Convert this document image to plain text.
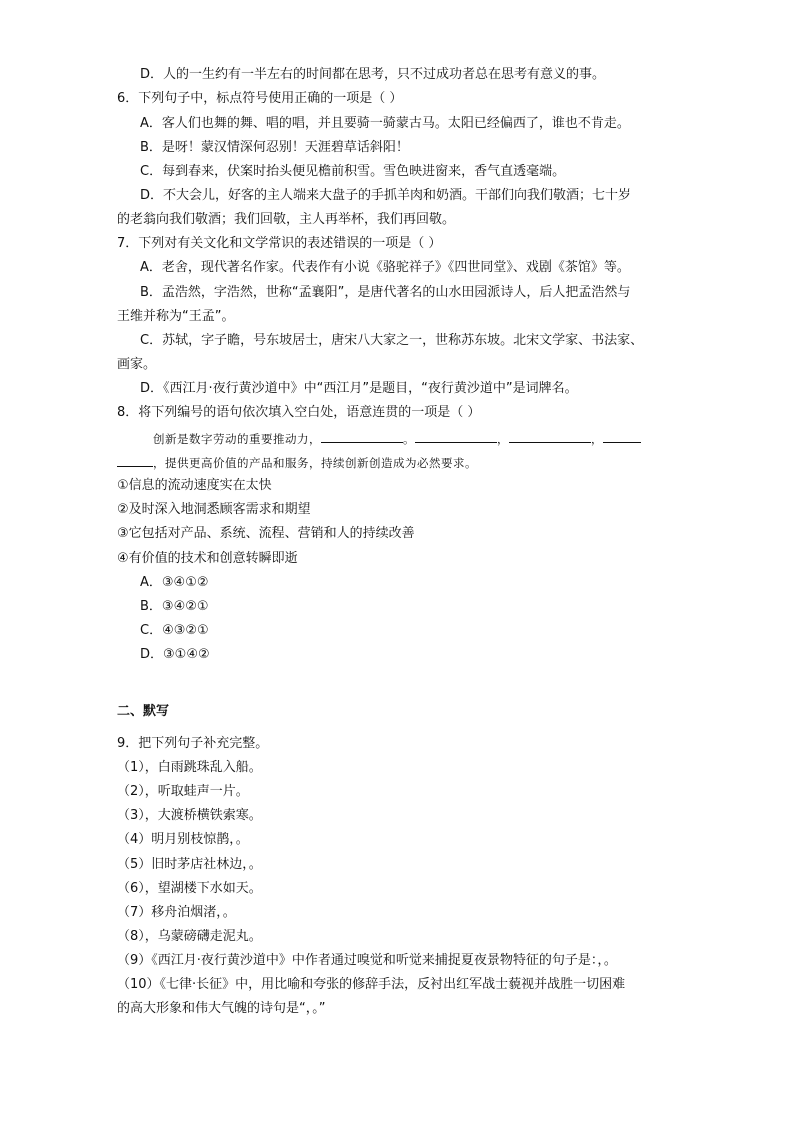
D．人的一生约有一半左右的时间都在思考，只不过成功者总在思考有意义的事。
6．下列句子中，标点符号使用正确的一项是（ ）
A．客人们也舞的舞、唱的唱，并且要骑一骑蒙古马。太阳已经偏西了，谁也不肯走。
B．是呀！蒙汉情深何忍别！天涯碧草话斜阳！
C．每到春来，伏案时抬头便见檐前积雪。雪色映进窗来，香气直透毫端。
D．不大会儿，好客的主人端来大盘子的手抓羊肉和奶酒。干部们向我们敬酒；七十岁
的老翁向我们敬酒；我们回敬，主人再举杯，我们再回敬。
7．下列对有关文化和文学常识的表述错误的一项是（ ）
A．老舍，现代著名作家。代表作有小说《骆驼祥子》《四世同堂》、戏剧《茶馆》等。
B．孟浩然，字浩然，世称“孟襄阳”，是唐代著名的山水田园派诗人，后人把孟浩然与
王维并称为“王孟”。
C．苏轼，字子瞻，号东坡居士，唐宋八大家之一，世称苏东坡。北宋文学家、书法家、
画家。
D．《西江月·夜行黄沙道中》中“西江月”是题目，“夜行黄沙道中”是词牌名。
8．将下列编号的语句依次填入空白处，语意连贯的一项是（ ）
创新是数字劳动的重要推动力，	。	，	，
，提供更高价值的产品和服务，持续创新创造成为必然要求。
①信息的流动速度实在太快
②及时深入地洞悉顾客需求和期望
③它包括对产品、系统、流程、营销和人的持续改善
④有价值的技术和创意转瞬即逝
A．③④①②
B．③④②①
C．④③②①
D．③①④②
二、默写
9．把下列句子补充完整。
（1），白雨跳珠乱入船。
（2），听取蛙声一片。
（3），大渡桥横铁索寒。
（4）明月别枝惊鹊，。
（5）旧时茅店社林边，。
（6），望湖楼下水如天。
（7）移舟泊烟渚，。
（8），乌蒙磅礴走泥丸。
（9）《西江月·夜行黄沙道中》中作者通过嗅觉和听觉来捕捉夏夜景物特征的句子是：，。
（10）《七律·长征》中，用比喻和夸张的修辞手法，反衬出红军战士藐视并战胜一切困难
的高大形象和伟大气魄的诗句是“，。”
